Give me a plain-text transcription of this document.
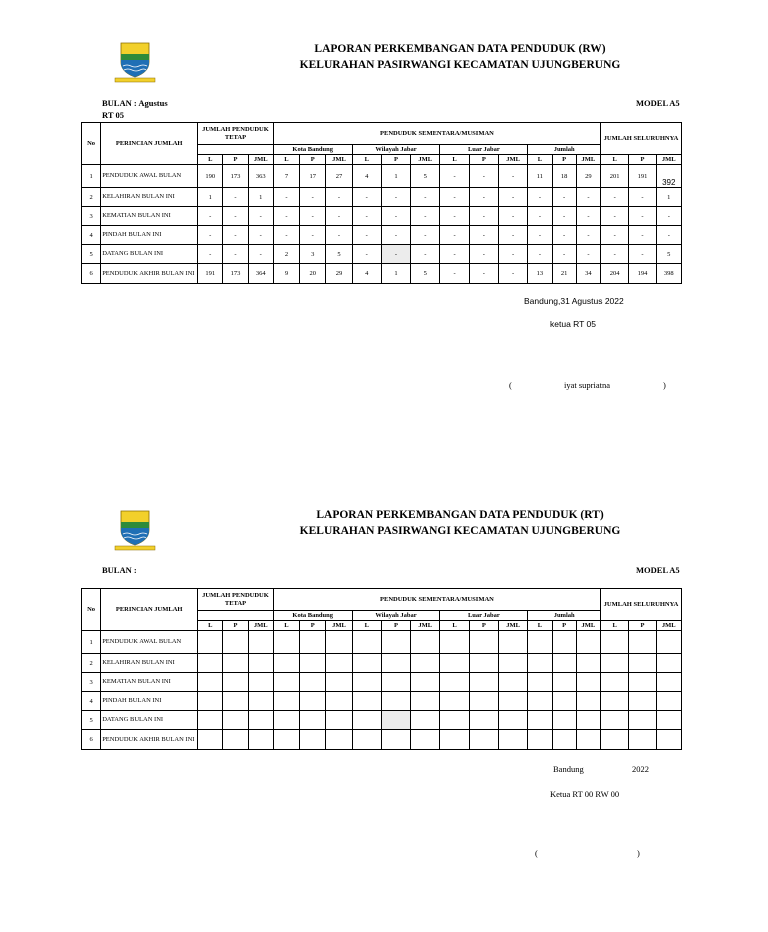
LAPORAN PERKEMBANGAN DATA PENDUDUK (RW)
KELURAHAN PASIRWANGI KECAMATAN UJUNGBERUNG
BULAN : Agustus
RT 05
MODEL A5
No	PERINCIAN JUMLAH	JUMLAH PENDUDUK TETAP			PENDUDUK SEMENTARA/MUSIMAN												JUMLAH SELURUHNYA		
					Kota Bandung			Wilayah Jabar			Luar Jabar			Jumlah					
		L	P	JML	L	P	JML	L	P	JML	L	P	JML	L	P	JML	L	P	JML
1	PENDUDUK AWAL BULAN	190	173	363	7	17	27	4	1	5	-	-	-	11	18	29	201	191	392
2	KELAHIRAN BULAN INI	1	-	1	-	-	-	-	-	-	-	-	-	-	-	-	-	-	1
3	KEMATIAN BULAN INI	-	-	-	-	-	-	-	-	-	-	-	-	-	-	-	-	-	-
4	PINDAH BULAN INI	-	-	-	-	-	-	-	-	-	-	-	-	-	-	-	-	-	-
5	DATANG BULAN INI	-	-	-	2	3	5	-	-	-	-	-	-	-	-	-	-	-	5
6	PENDUDUK AKHIR BULAN INI	191	173	364	9	20	29	4	1	5	-	-	-	13	21	34	204	194	398
Bandung,31 Agustus 2022
ketua RT 05
(	iyat supriatna	)
LAPORAN PERKEMBANGAN DATA PENDUDUK (RT)
KELURAHAN PASIRWANGI KECAMATAN UJUNGBERUNG
BULAN :	MODEL A5
No	PERINCIAN JUMLAH	JUMLAH PENDUDUK TETAP			PENDUDUK SEMENTARA/MUSIMAN												JUMLAH SELURUHNYA		
					Kota Bandung			Wilayah Jabar			Luar Jabar			Jumlah					
		L	P	JML	L	P	JML	L	P	JML	L	P	JML	L	P	JML	L	P	JML
1	PENDUDUK AWAL BULAN																		
2	KELAHIRAN BULAN INI																		
3	KEMATIAN BULAN INI																		
4	PINDAH BULAN INI																		
5	DATANG BULAN INI																		
6	PENDUDUK AKHIR BULAN INI																		
Bandung	2022
Ketua RT 00 RW 00
(	)
